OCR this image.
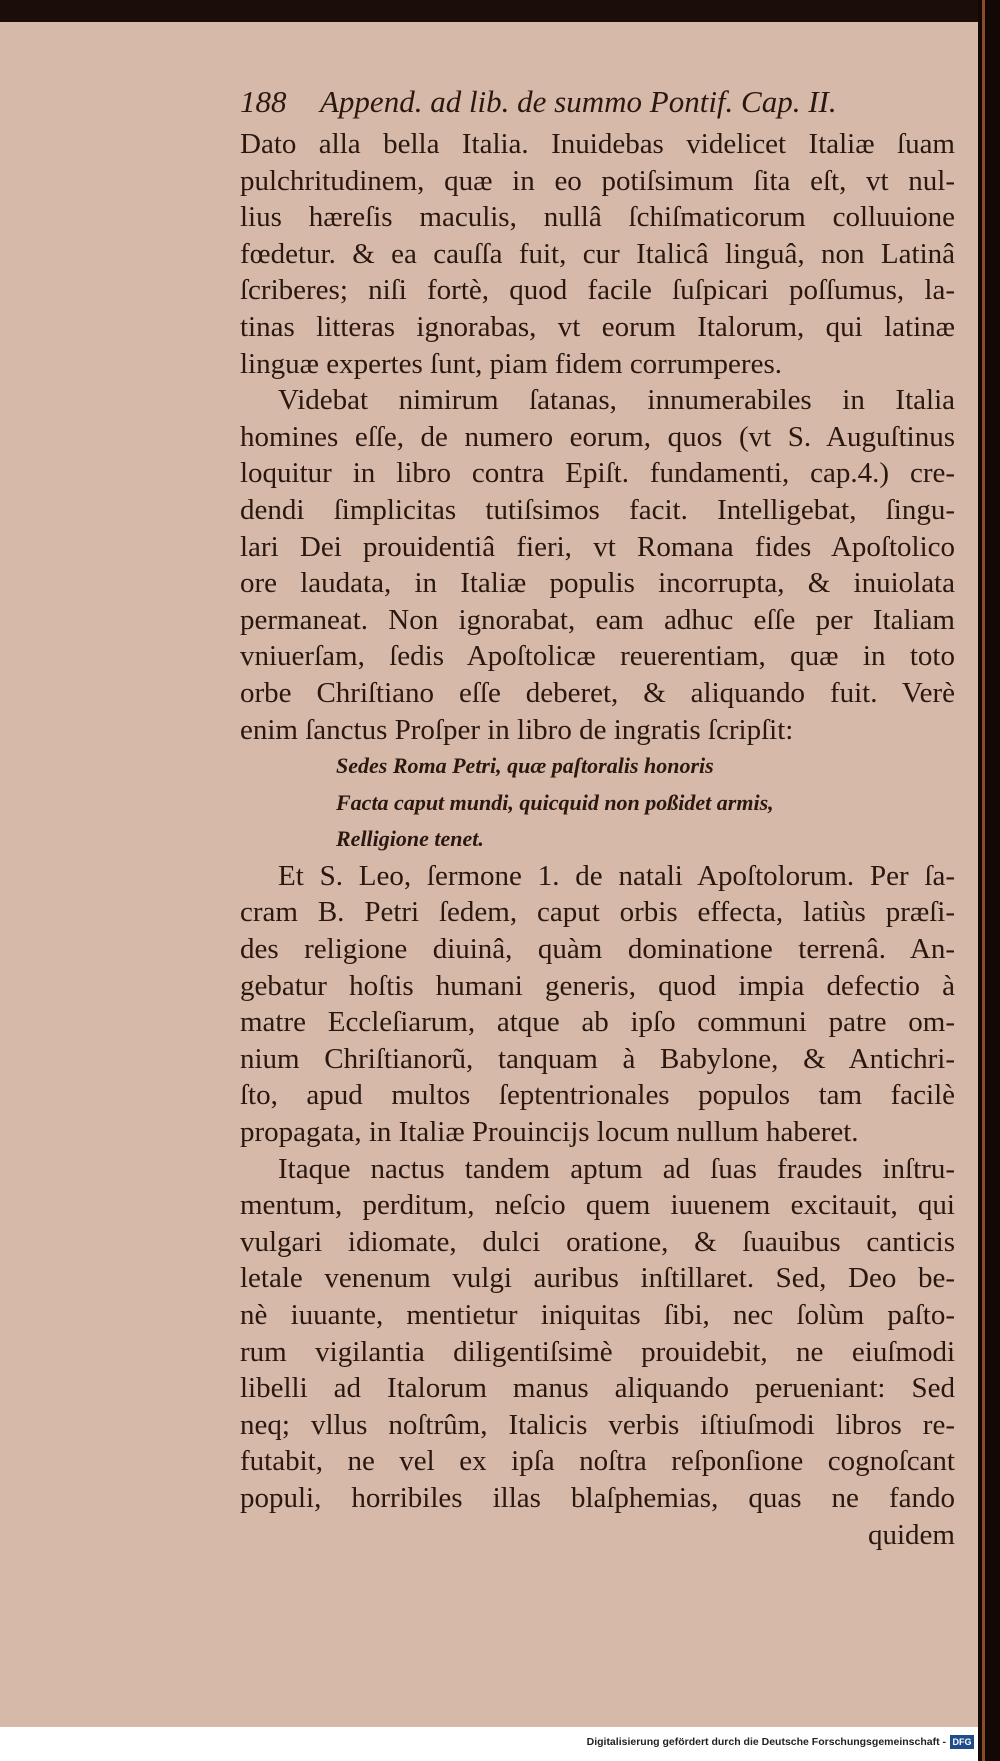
188 Append. ad lib. de summo Pontif. Cap. II.
Dato alla bella Italia. Inuidebas videlicet Italiæ ſuam
pulchritudinem, quæ in eo potiſsimum ſita eſt, vt nul-
lius hæreſis maculis, nullâ ſchiſmaticorum colluuione
fœdetur. & ea cauſſa fuit, cur Italicâ linguâ, non Latinâ
ſcriberes; niſi fortè, quod facile ſuſpicari poſſumus, la-
tinas litteras ignorabas, vt eorum Italorum, qui latinæ
linguæ expertes ſunt, piam fidem corrumperes.
Videbat nimirum ſatanas, innumerabiles in Italia
homines eſſe, de numero eorum, quos (vt S. Auguſtinus
loquitur in libro contra Epiſt. fundamenti, cap.4.) cre-
dendi ſimplicitas tutiſsimos facit. Intelligebat, ſingu-
lari Dei prouidentiâ fieri, vt Romana fides Apoſtolico
ore laudata, in Italiæ populis incorrupta, & inuiolata
permaneat. Non ignorabat, eam adhuc eſſe per Italiam
vniuerſam, ſedis Apoſtolicæ reuerentiam, quæ in toto
orbe Chriſtiano eſſe deberet, & aliquando fuit. Verè
enim ſanctus Proſper in libro de ingratis ſcripſit:
Sedes Roma Petri, quæ paſtoralis honoris
Facta caput mundi, quicquid non poßidet armis,
Relligione tenet.
Et S. Leo, ſermone 1. de natali Apoſtolorum. Per ſa-
cram B. Petri ſedem, caput orbis effecta, latiùs præſi-
des religione diuinâ, quàm dominatione terrenâ. An-
gebatur hoſtis humani generis, quod impia defectio à
matre Eccleſiarum, atque ab ipſo communi patre om-
nium Chriſtianorũ, tanquam à Babylone, & Antichri-
ſto, apud multos ſeptentrionales populos tam facilè
propagata, in Italiæ Prouincijs locum nullum haberet.
Itaque nactus tandem aptum ad ſuas fraudes inſtru-
mentum, perditum, neſcio quem iuuenem excitauit, qui
vulgari idiomate, dulci oratione, & ſuauibus canticis
letale venenum vulgi auribus inſtillaret. Sed, Deo be-
nè iuuante, mentietur iniquitas ſibi, nec ſolùm paſto-
rum vigilantia diligentiſsimè prouidebit, ne eiuſmodi
libelli ad Italorum manus aliquando perueniant: Sed
neq; vllus noſtrûm, Italicis verbis iſtiuſmodi libros re-
futabit, ne vel ex ipſa noſtra reſponſione cognoſcant
populi, horribiles illas blaſphemias, quas ne fando
quidem
Digitalisierung gefördert durch die Deutsche Forschungsgemeinschaft - DFG
